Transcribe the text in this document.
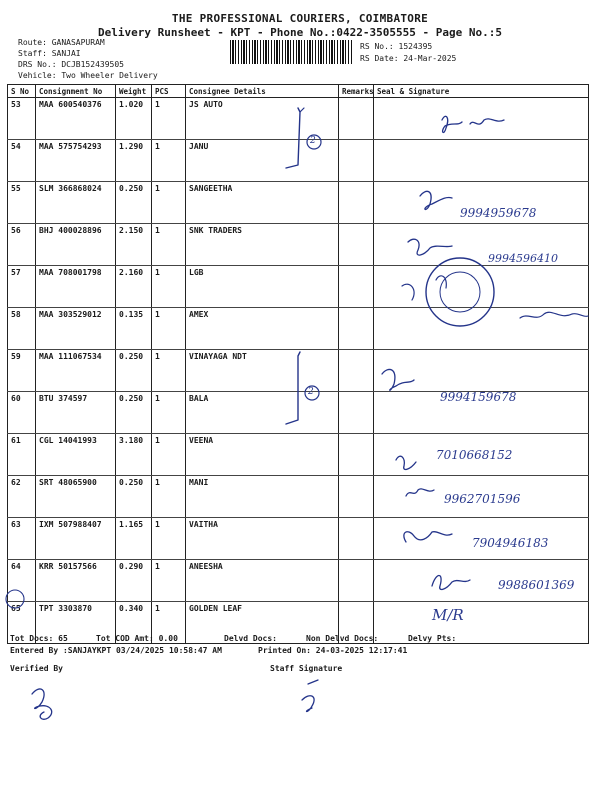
THE PROFESSIONAL COURIERS, COIMBATORE
Delivery Runsheet - KPT - Phone No.:0422-3505555 - Page No.:5
Route: GANASAPURAM
Staff: SANJAI
DRS No.: DCJB152439505
Vehicle: Two Wheeler Delivery
RS No.: 1524395
RS Date: 24-Mar-2025
S No	Consignment No	Weight	PCS	Consignee Details	Remarks	Seal & Signature
53	MAA 600540376	1.020	1	JS AUTO		
54	MAA 575754293	1.290	1	JANU		
55	SLM 366868024	0.250	1	SANGEETHA		
56	BHJ 400028896	2.150	1	SNK TRADERS		
57	MAA 708001798	2.160	1	LGB		
58	MAA 303529012	0.135	1	AMEX		
59	MAA 111067534	0.250	1	VINAYAGA NDT		
60	BTU 374597	0.250	1	BALA		
61	CGL 14041993	3.180	1	VEENA		
62	SRT 48065900	0.250	1	MANI		
63	IXM 507988407	1.165	1	VAITHA		
64	KRR 50157566	0.290	1	ANEESHA		
65	TPT 3303870	0.340	1	GOLDEN LEAF		
2
2
9994959678
9994596410
9994159678
7010668152
9962701596
7904946183
9988601369
M/R
Tot Docs: 65	Tot COD Amt: 0.00	Delvd Docs:	Non Delvd Docs:	Delvy Pts:
Entered By :SANJAYKPT 03/24/2025 10:58:47 AM	Printed On: 24-03-2025 12:17:41
Verified By	Staff Signature
